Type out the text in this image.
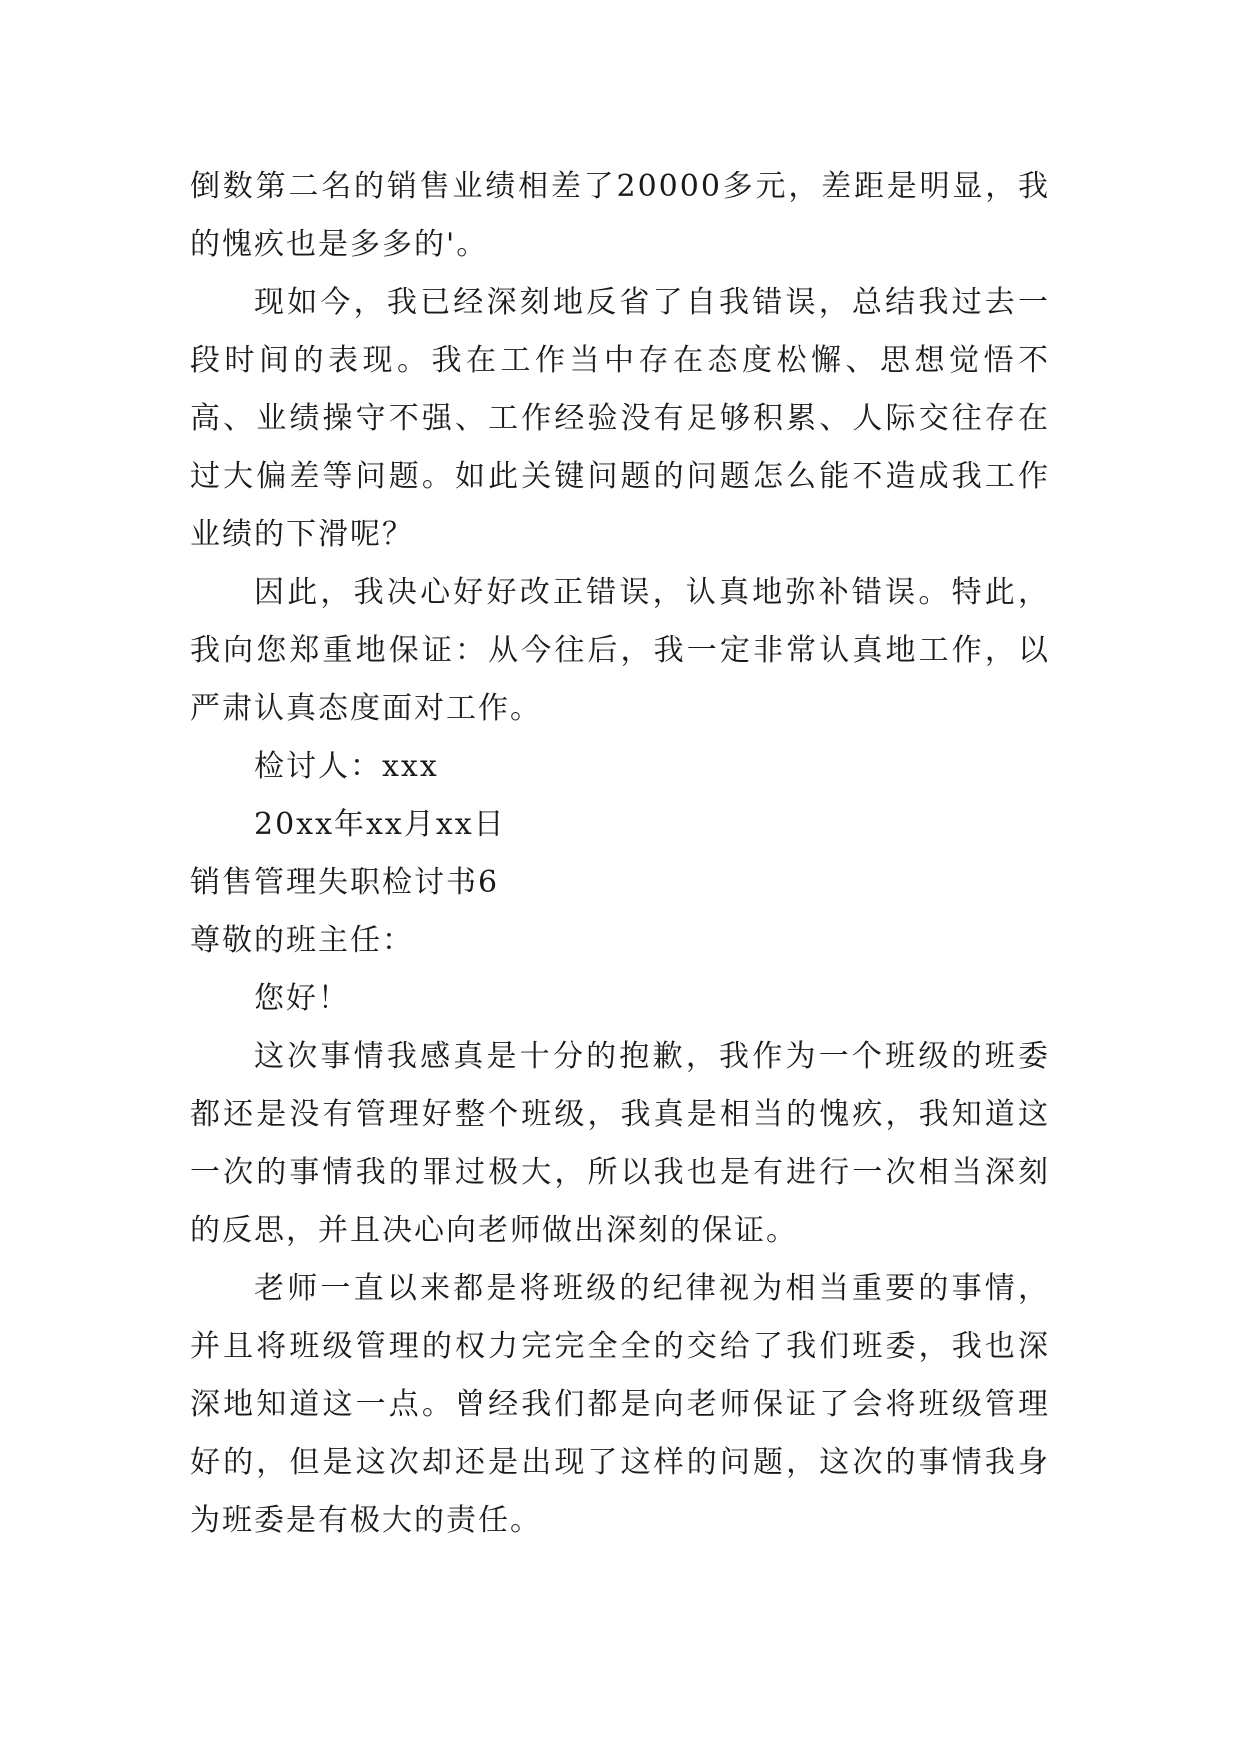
倒数第二名的销售业绩相差了20000多元，差距是明显，我的愧疚也是多多的'。

现如今，我已经深刻地反省了自我错误，总结我过去一段时间的表现。我在工作当中存在态度松懈、思想觉悟不高、业绩操守不强、工作经验没有足够积累、人际交往存在过大偏差等问题。如此关键问题的问题怎么能不造成我工作业绩的下滑呢？

因此，我决心好好改正错误，认真地弥补错误。特此，我向您郑重地保证：从今往后，我一定非常认真地工作，以严肃认真态度面对工作。

检讨人：xxx

20xx年xx月xx日

销售管理失职检讨书6

尊敬的班主任：

您好！

这次事情我感真是十分的抱歉，我作为一个班级的班委都还是没有管理好整个班级，我真是相当的愧疚，我知道这一次的事情我的罪过极大，所以我也是有进行一次相当深刻的反思，并且决心向老师做出深刻的保证。

老师一直以来都是将班级的纪律视为相当重要的事情，并且将班级管理的权力完完全全的交给了我们班委，我也深深地知道这一点。曾经我们都是向老师保证了会将班级管理好的，但是这次却还是出现了这样的问题，这次的事情我身为班委是有极大的责任。
